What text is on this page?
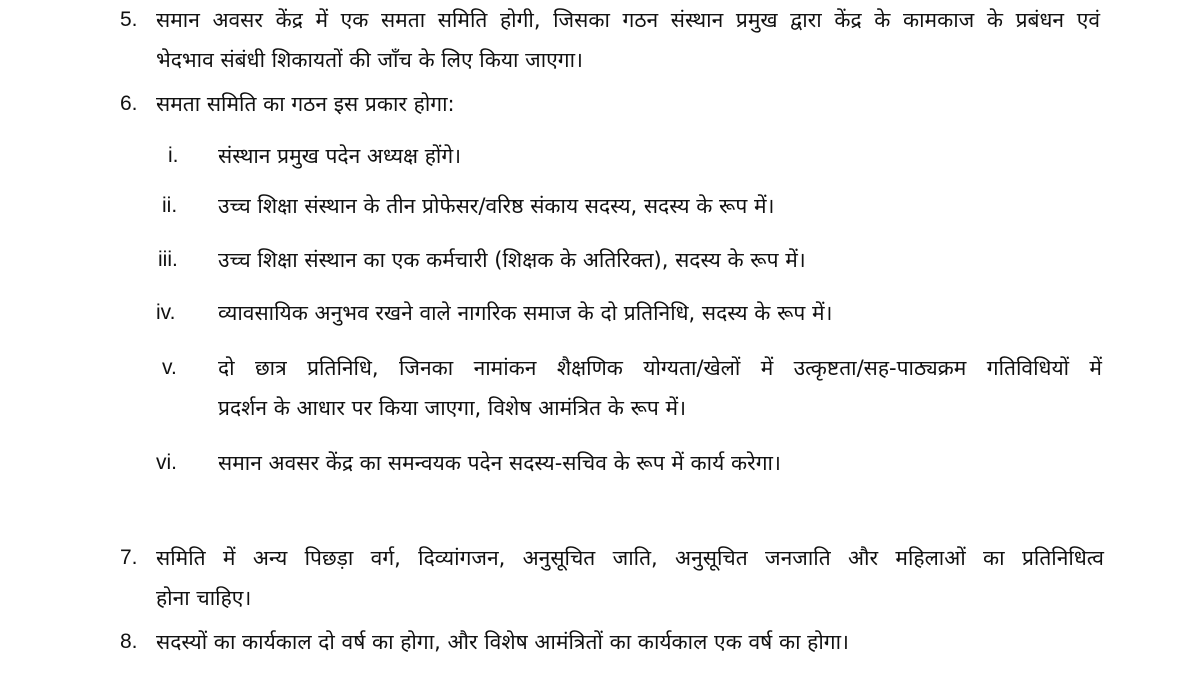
5. समान अवसर केंद्र में एक समता समिति होगी, जिसका गठन संस्थान प्रमुख द्वारा केंद्र के कामकाज के प्रबंधन एवं
भेदभाव संबंधी शिकायतों की जाँच के लिए किया जाएगा।
6. समता समिति का गठन इस प्रकार होगा:
i. संस्थान प्रमुख पदेन अध्यक्ष होंगे।
ii. उच्च शिक्षा संस्थान के तीन प्रोफेसर/वरिष्ठ संकाय सदस्य, सदस्य के रूप में।
iii. उच्च शिक्षा संस्थान का एक कर्मचारी (शिक्षक के अतिरिक्त), सदस्य के रूप में।
iv. व्यावसायिक अनुभव रखने वाले नागरिक समाज के दो प्रतिनिधि, सदस्य के रूप में।
v. दो छात्र प्रतिनिधि, जिनका नामांकन शैक्षणिक योग्यता/खेलों में उत्कृष्टता/सह-पाठ्यक्रम गतिविधियों में
प्रदर्शन के आधार पर किया जाएगा, विशेष आमंत्रित के रूप में।
vi. समान अवसर केंद्र का समन्वयक पदेन सदस्य-सचिव के रूप में कार्य करेगा।
7. समिति में अन्य पिछड़ा वर्ग, दिव्यांगजन, अनुसूचित जाति, अनुसूचित जनजाति और महिलाओं का प्रतिनिधित्व
होना चाहिए।
8. सदस्यों का कार्यकाल दो वर्ष का होगा, और विशेष आमंत्रितों का कार्यकाल एक वर्ष का होगा।
